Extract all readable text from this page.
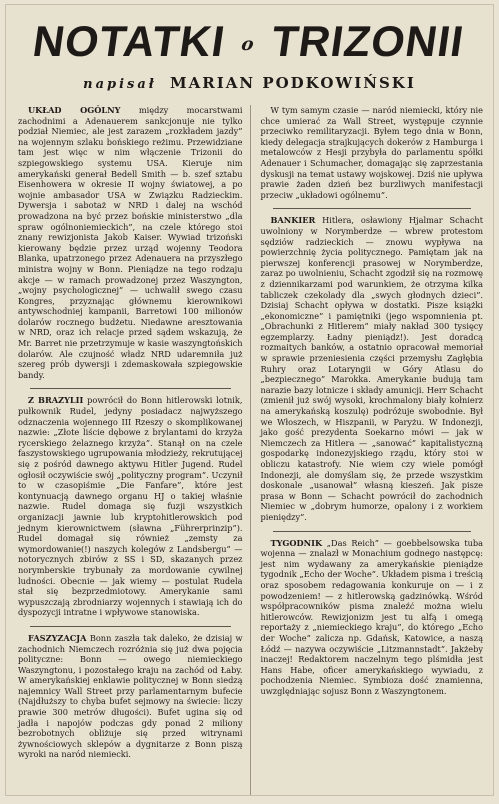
NOTATKI o TRIZONII
napisał MARIAN PODKOWIŃSKI

UKŁAD OGÓLNY między mocarstwami zachodnimi a Adenauerem sankcjonuje nie tylko podział Niemiec, ale jest zarazem „rozkładem jazdy” na wojennym szlaku bońskiego reżimu. Przewidziane tam jest więc w nim włączenie Trizonii do szpiegowskiego systemu USA. Kieruje nim amerykański generał Bedell Smith — b. szef sztabu Eisenhowera w okresie II wojny światowej, a po wojnie ambasador USA w Związku Radzieckim. Dywersja i sabotaż w NRD i dalej na wschód prowadzona na być przez bońskie ministerstwo „dla spraw ogólnoniemieckich”, na czele którego stoi znany rewizjonista Jakob Kaiser. Wywiad trizoński kierowany będzie przez urząd wojenny Teodora Blanka, upatrzonego przez Adenauera na przyszłego ministra wojny w Bonn. Pieniądze na tego rodzaju akcje — w ramach prowadzonej przez Waszyngton, „wojny psychologicznej” — uchwalił swego czasu Kongres, przyznając głównemu kierownikowi antywschodniej kampanii, Barretowi 100 milionów dolarów rocznego budżetu. Niedawne aresztowania w NRD, oraz ich relacje przed sądem wskazują, że Mr. Barret nie przetrzymuje w kasie waszyngtońskich dolarów. Ale czujność władz NRD udaremniła już szereg prób dywersji i zdemaskowała szpiegowskie bandy.

Z BRAZYLII powrócił do Bonn hitlerowski lotnik, pułkownik Rudel, jedyny posiadacz najwyższego odznaczenia wojennego III Rzeszy o skomplikowanej nazwie: „Złote liście dębowe z brylantami do krzyża rycerskiego żelaznego krzyża”. Stanął on na czele faszystowskiego ugrupowania młodzieży, rekrutującej się z pośród dawnego aktywu Hitler Jugend. Rudel ogłosił oczywiście swój „polityczny program”. Uczynił to w czasopiśmie „Die Fanfare”, które jest kontynuacją dawnego organu HJ o takiej właśnie nazwie. Rudel domaga się fuzji wszystkich organizacji jawnie lub kryptohitlerowskich pod jednym kierownictwem (sławna „Führerprinzip”). Rudel domagał się również „zemsty za wymordowanie(!) naszych kolegów z Landsbergu” — notorycznych zbirów z SS i SD, skazanych przez norymberskie trybunały za mordowanie cywilnej ludności. Obecnie — jak wiemy — postulat Rudela stał się bezprzedmiotowy. Amerykanie sami wypuszczają zbrodniarzy wojennych i stawiają ich do dyspozycji intratne i wpływowe stanowiska.

FASZYZACJA Bonn zaszła tak daleko, że dzisiaj w zachodnich Niemczech rozróżnia się już dwa pojęcia polityczne: Bonn — owego niemieckiego Waszyngtonu, i pozostałego kraju na zachód od Łaby. W amerykańskiej enklawie politycznej w Bonn siedzą najemnicy Wall Street przy parlamentarnym bufecie (Najdłuższy to chyba bufet sejmowy na świecie: liczy prawie 300 metrów długości). Bufet ugina się od jadła i napojów podczas gdy ponad 2 miliony bezrobotnych obliżuje się przed witrynami żywnościowych sklepów a dygnitarze z Bonn piszą wyroki na naród niemiecki.

W tym samym czasie — naród niemiecki, który nie chce umierać za Wall Street, występuje czynnie przeciwko remilitaryzacji. Byłem tego dnia w Bonn, kiedy delegacja strajkujących dokerów z Hamburga i metalowców z Hesji przybyła do parlamentu spółki Adenauer i Schumacher, domagając się zaprzestania dyskusji na temat ustawy wojskowej. Dziś nie upływa prawie żaden dzień bez burzliwych manifestacji przeciw „układowi ogólnemu”.

BANKIER Hitlera, osławiony Hjalmar Schacht uwolniony w Norymberdze — wbrew protestom sędziów radzieckich — znowu wypływa na powierzchnię życia politycznego. Pamiętam jak na pierwszej konferencji prasowej w Norymberdze, zaraz po uwolnieniu, Schacht zgodził się na rozmowę z dziennikarzami pod warunkiem, że otrzyma kilka tabliczek czekolady dla „swych głodnych dzieci”. Dzisiaj Schacht opływa w dostatki. Pisze książki „ekonomiczne” i pamiętniki (jego wspomnienia pt. „Obrachunki z Hitlerem” miały nakład 300 tysięcy egzemplarzy. Ładny pieniądz!). Jest doradcą rozmaitych banków, a ostatnio opracował memoriał w sprawie przeniesienia części przemysłu Zagłębia Ruhry oraz Lotaryngii w Góry Atlasu do „bezpiecznego” Marokka. Amerykanie budują tam naraziе bazy lotnicze i składy amunicji. Herr Schacht (zmienił już swój wysoki, krochmalony biały kołnierz na amerykańską koszulę) podróżuje swobodnie. Był we Włoszech, w Hiszpanii, w Paryżu. W Indonezji, jako gość prezydenta Soekarno mówi — jak w Niemczech za Hitlera — „sanować” kapitalistyczną gospodarkę indonezyjskiego rządu, który stoi w obliczu katastrofy. Nie wiem czy wiele pomógł Indonezji, ale domyślam się, że przede wszystkim doskonale „usanował” własną kieszeń. Jak pisze prasa w Bonn — Schacht powrócił do zachodnich Niemiec w „dobrym humorze, opalony i z workiem pieniędzy”.

TYGODNIK „Das Reich” — goebbelsowska tuba wojenna — znalazł w Monachium godnego następcę: jest nim wydawany za amerykańskie pieniądze tygodnik „Echo der Woche”. Układem pisma i treścią oraz sposobem redagowania konkuruje on — i z powodzeniem! — z hitlerowską gadzinówką. Wśród współpracowników pisma znaleźć można wielu hitlerowców. Rewizjonizm jest tu alfą i omegą reportaży z „niemieckiego kraju”, do którego „Echo der Woche” zalicza np. Gdańsk, Katowice, a naszą Łódź — nazywa oczywiście „Litzmannstadt”. Jakżeby inaczej! Redaktorem naczelnym tego plśmidła jest Hans Habe, oficer amerykańskiego wywiadu, z pochodzenia Niemiec. Symbioza dość znamienna, uwzględniając sojusz Bonn z Waszyngtonem.
